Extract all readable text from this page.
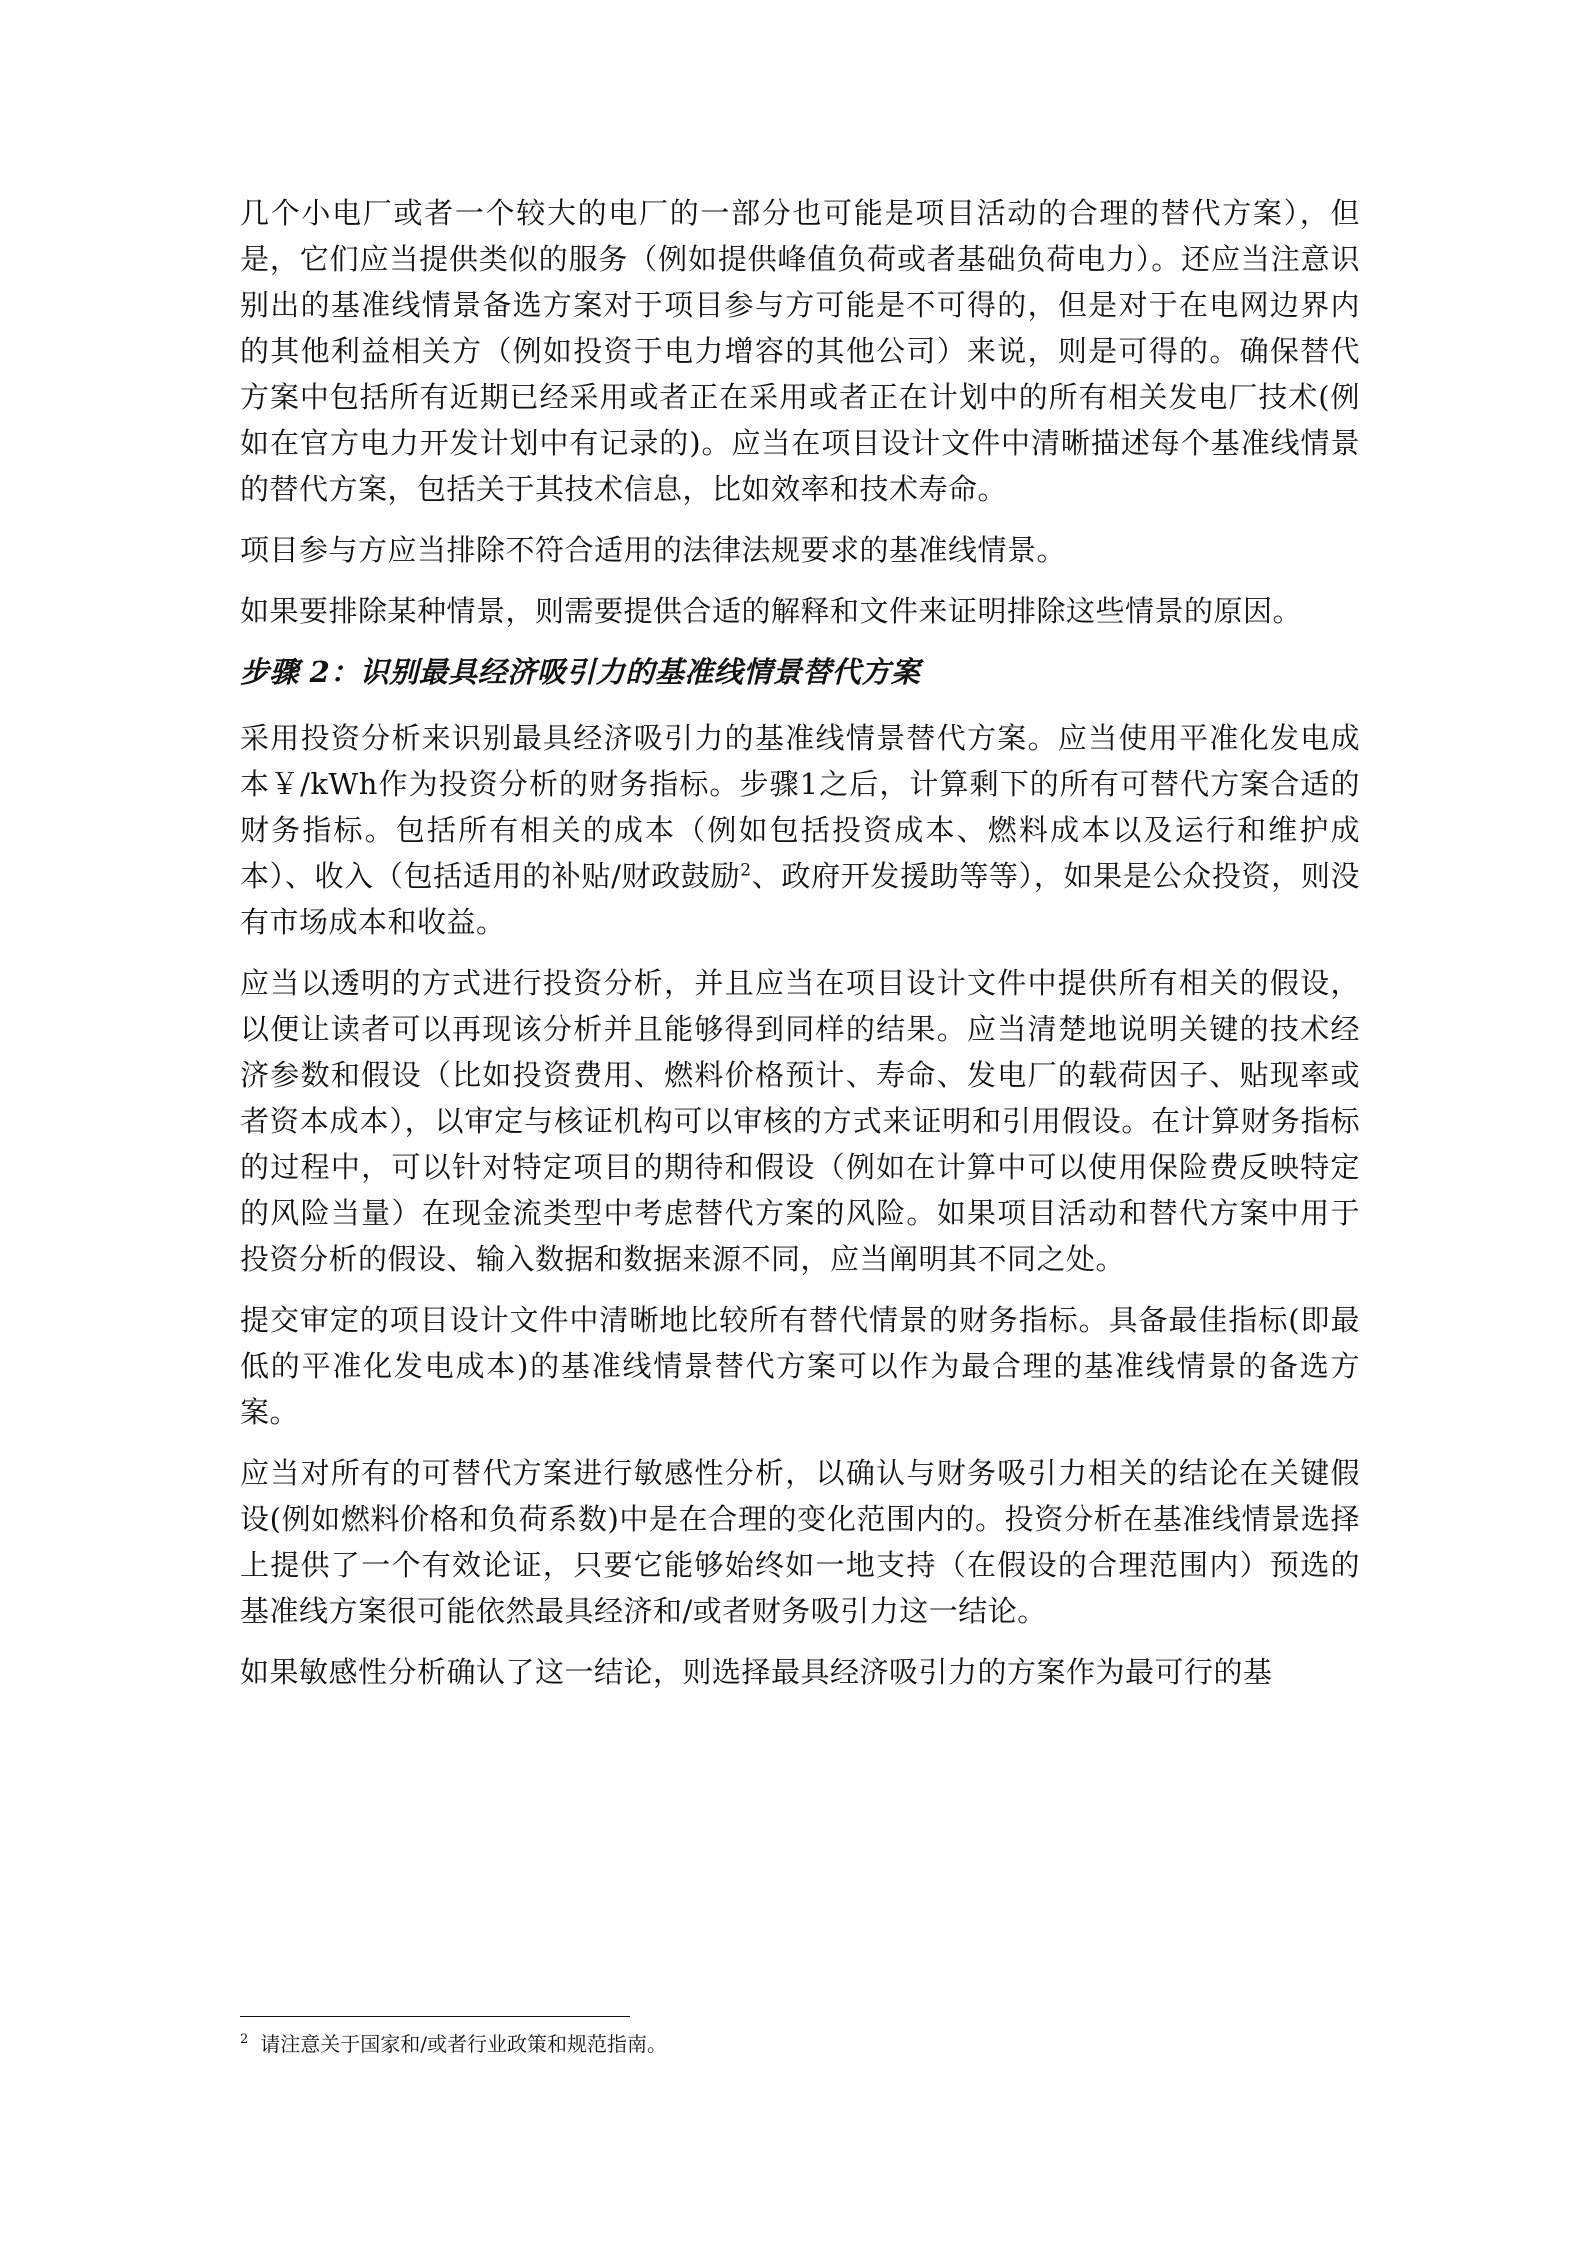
几个小电厂或者一个较大的电厂的一部分也可能是项目活动的合理的替代方案），但是，它们应当提供类似的服务（例如提供峰值负荷或者基础负荷电力）。还应当注意识别出的基准线情景备选方案对于项目参与方可能是不可得的，但是对于在电网边界内的其他利益相关方（例如投资于电力增容的其他公司）来说，则是可得的。确保替代方案中包括所有近期已经采用或者正在采用或者正在计划中的所有相关发电厂技术(例如在官方电力开发计划中有记录的)。应当在项目设计文件中清晰描述每个基准线情景的替代方案，包括关于其技术信息，比如效率和技术寿命。

项目参与方应当排除不符合适用的法律法规要求的基准线情景。

如果要排除某种情景，则需要提供合适的解释和文件来证明排除这些情景的原因。

步骤 2：识别最具经济吸引力的基准线情景替代方案

采用投资分析来识别最具经济吸引力的基准线情景替代方案。应当使用平准化发电成本￥/kWh作为投资分析的财务指标。步骤1之后，计算剩下的所有可替代方案合适的财务指标。包括所有相关的成本（例如包括投资成本、燃料成本以及运行和维护成本）、收入（包括适用的补贴/财政鼓励$^2$、政府开发援助等等），如果是公众投资，则没有市场成本和收益。

应当以透明的方式进行投资分析，并且应当在项目设计文件中提供所有相关的假设，以便让读者可以再现该分析并且能够得到同样的结果。应当清楚地说明关键的技术经济参数和假设（比如投资费用、燃料价格预计、寿命、发电厂的载荷因子、贴现率或者资本成本），以审定与核证机构可以审核的方式来证明和引用假设。在计算财务指标的过程中，可以针对特定项目的期待和假设（例如在计算中可以使用保险费反映特定的风险当量）在现金流类型中考虑替代方案的风险。如果项目活动和替代方案中用于投资分析的假设、输入数据和数据来源不同，应当阐明其不同之处。

提交审定的项目设计文件中清晰地比较所有替代情景的财务指标。具备最佳指标(即最低的平准化发电成本)的基准线情景替代方案可以作为最合理的基准线情景的备选方案。

应当对所有的可替代方案进行敏感性分析，以确认与财务吸引力相关的结论在关键假设(例如燃料价格和负荷系数)中是在合理的变化范围内的。投资分析在基准线情景选择上提供了一个有效论证，只要它能够始终如一地支持（在假设的合理范围内）预选的基准线方案很可能依然最具经济和/或者财务吸引力这一结论。

如果敏感性分析确认了这一结论，则选择最具经济吸引力的方案作为最可行的基

$^2$ 请注意关于国家和/或者行业政策和规范指南。
